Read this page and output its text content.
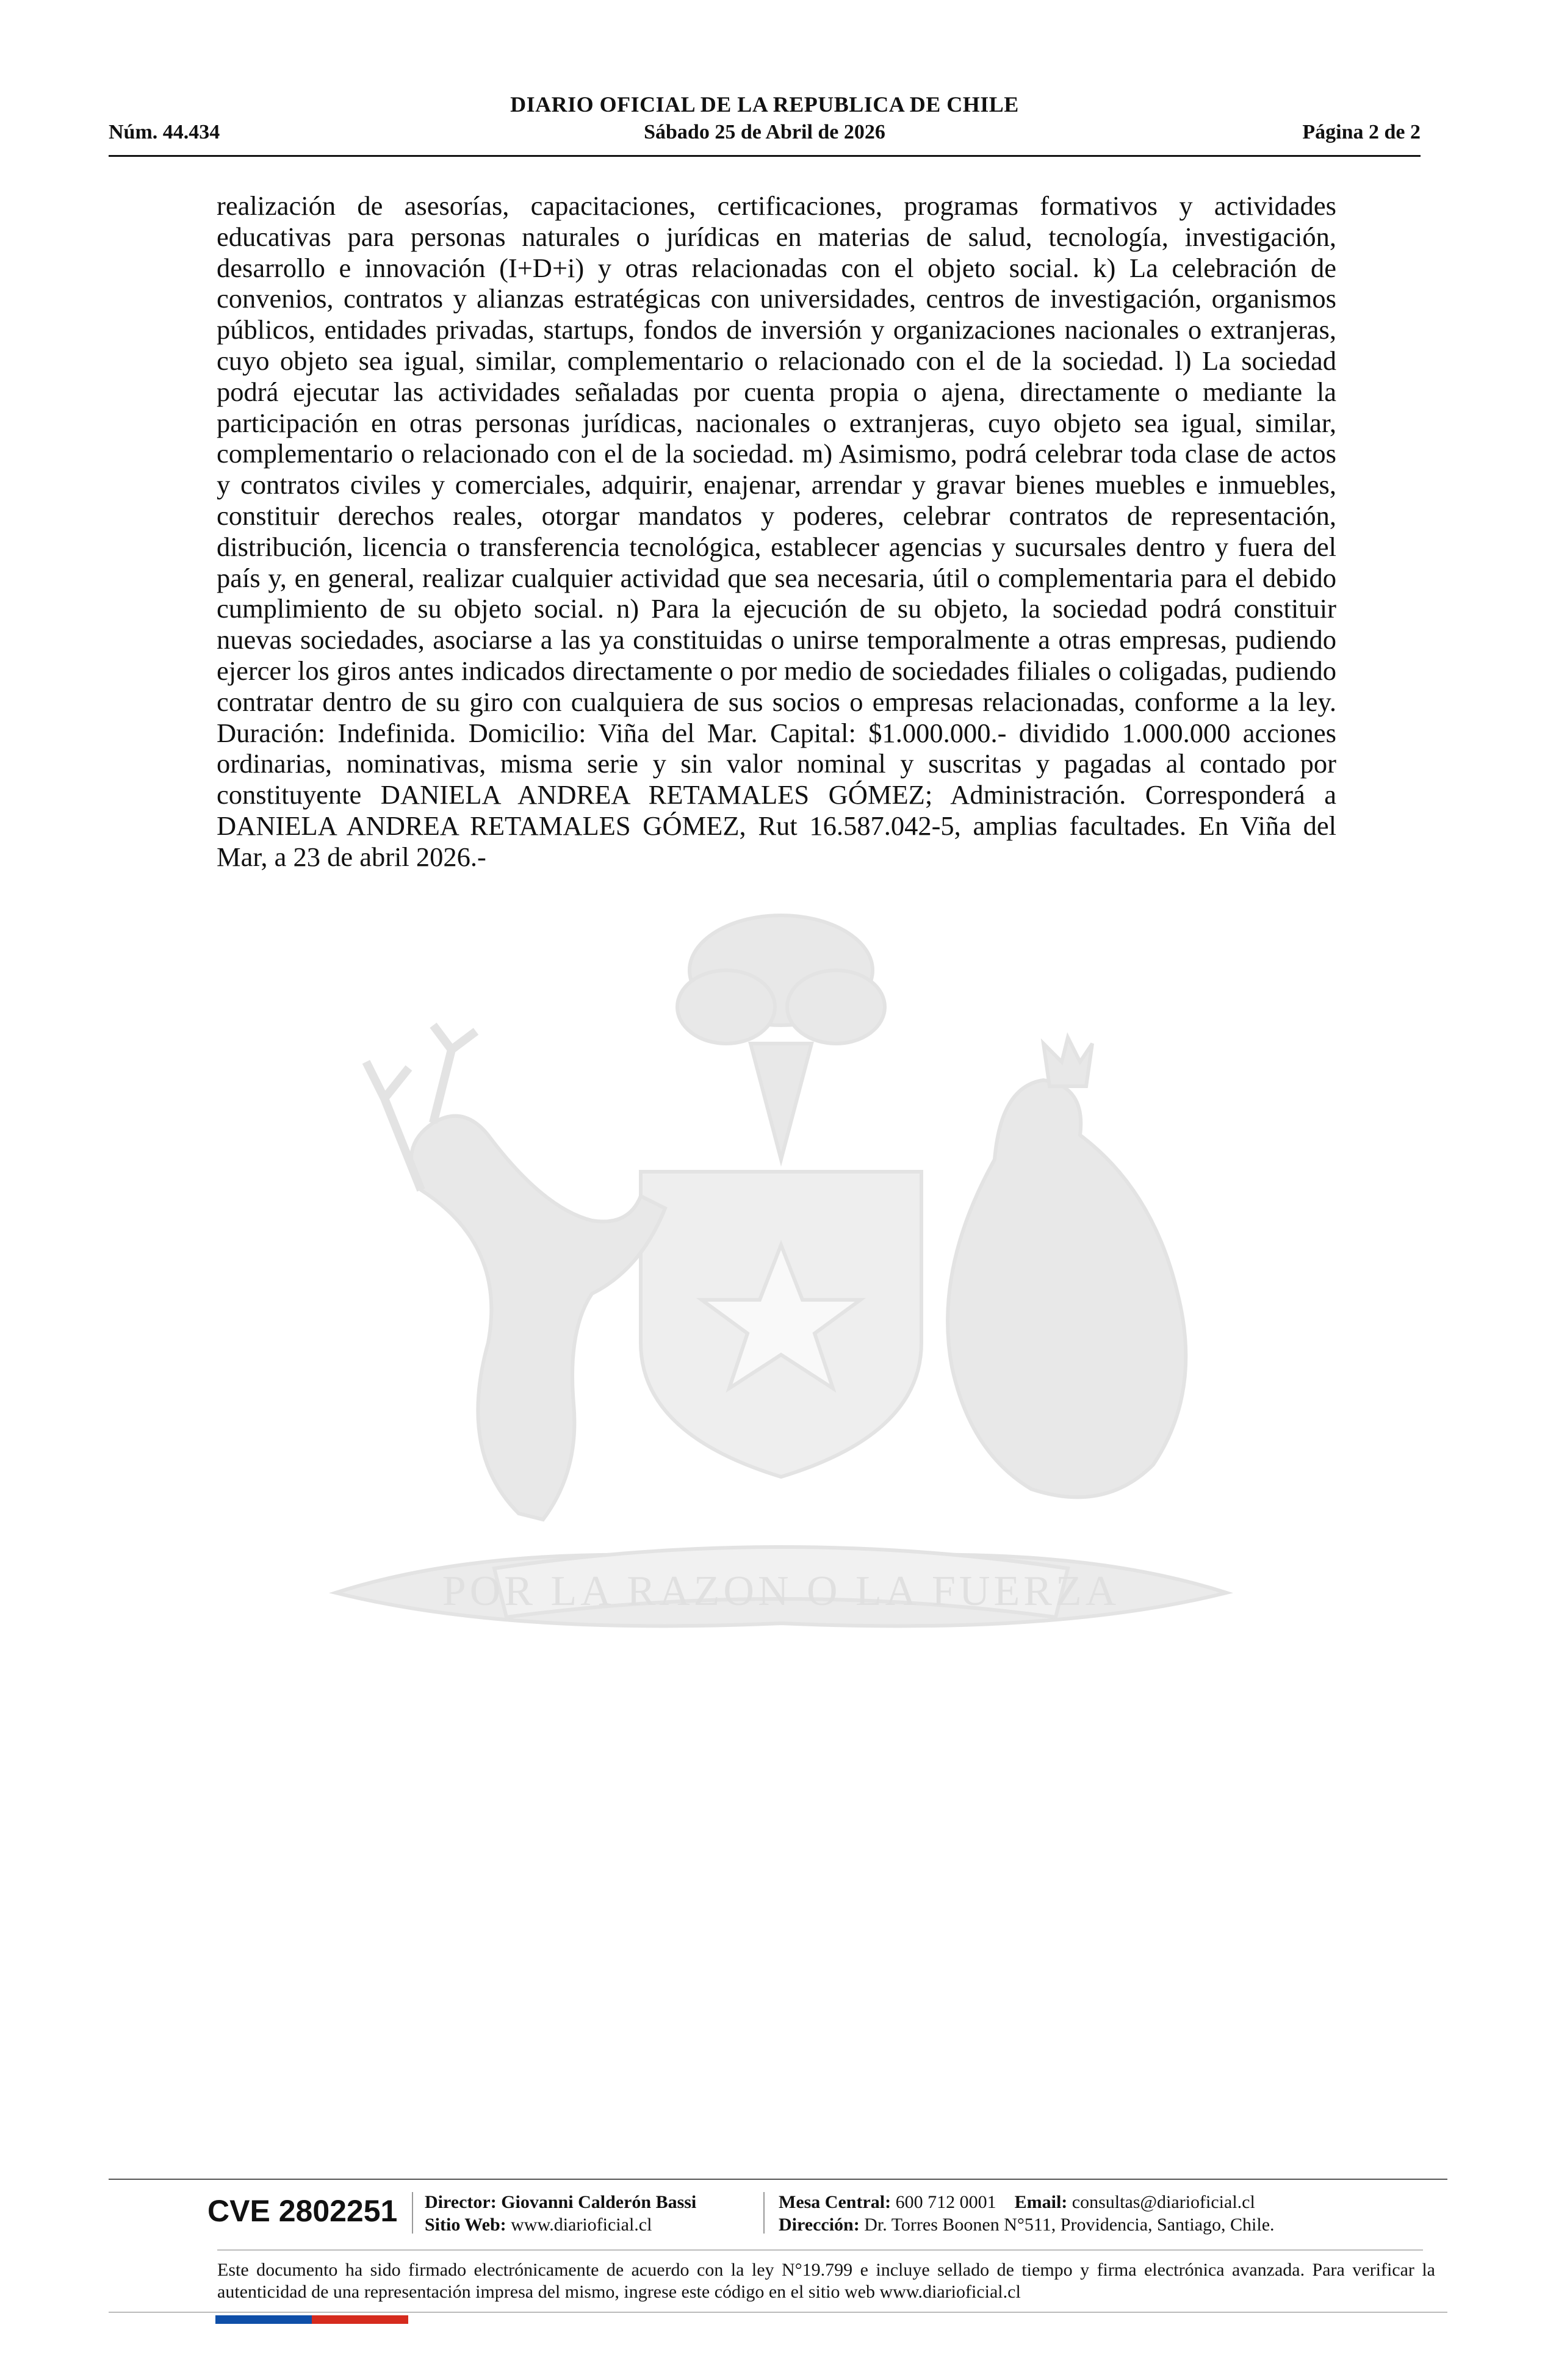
DIARIO OFICIAL DE LA REPUBLICA DE CHILE
Núm. 44.434	Sábado 25 de Abril de 2026	Página 2 de 2
POR LA RAZON O LA FUERZA
realización de asesorías, capacitaciones, certificaciones, programas formativos y actividades educativas para personas naturales o jurídicas en materias de salud, tecnología, investigación, desarrollo e innovación (I+D+i) y otras relacionadas con el objeto social. k) La celebración de convenios, contratos y alianzas estratégicas con universidades, centros de investigación, organismos públicos, entidades privadas, startups, fondos de inversión y organizaciones nacionales o extranjeras, cuyo objeto sea igual, similar, complementario o relacionado con el de la sociedad. l) La sociedad podrá ejecutar las actividades señaladas por cuenta propia o ajena, directamente o mediante la participación en otras personas jurídicas, nacionales o extranjeras, cuyo objeto sea igual, similar, complementario o relacionado con el de la sociedad. m) Asimismo, podrá celebrar toda clase de actos y contratos civiles y comerciales, adquirir, enajenar, arrendar y gravar bienes muebles e inmuebles, constituir derechos reales, otorgar mandatos y poderes, celebrar contratos de representación, distribución, licencia o transferencia tecnológica, establecer agencias y sucursales dentro y fuera del país y, en general, realizar cualquier actividad que sea necesaria, útil o complementaria para el debido cumplimiento de su objeto social. n) Para la ejecución de su objeto, la sociedad podrá constituir nuevas sociedades, asociarse a las ya constituidas o unirse temporalmente a otras empresas, pudiendo ejercer los giros antes indicados directamente o por medio de sociedades filiales o coligadas, pudiendo contratar dentro de su giro con cualquiera de sus socios o empresas relacionadas, conforme a la ley. Duración: Indefinida. Domicilio: Viña del Mar. Capital: $1.000.000.- dividido 1.000.000 acciones ordinarias, nominativas, misma serie y sin valor nominal y suscritas y pagadas al contado por constituyente DANIELA ANDREA RETAMALES GÓMEZ; Administración. Corresponderá a DANIELA ANDREA RETAMALES GÓMEZ, Rut 16.587.042-5, amplias facultades. En Viña del Mar, a 23 de abril 2026.-
CVE 2802251 Director: Giovanni Calderón Bassi
Sitio Web: www.diarioficial.cl
Mesa Central: 600 712 0001 Email: consultas@diarioficial.cl
Dirección: Dr. Torres Boonen N°511, Providencia, Santiago, Chile.
Este documento ha sido firmado electrónicamente de acuerdo con la ley N°19.799 e incluye sellado de tiempo y firma electrónica avanzada. Para verificar la autenticidad de una representación impresa del mismo, ingrese este código en el sitio web www.diarioficial.cl
